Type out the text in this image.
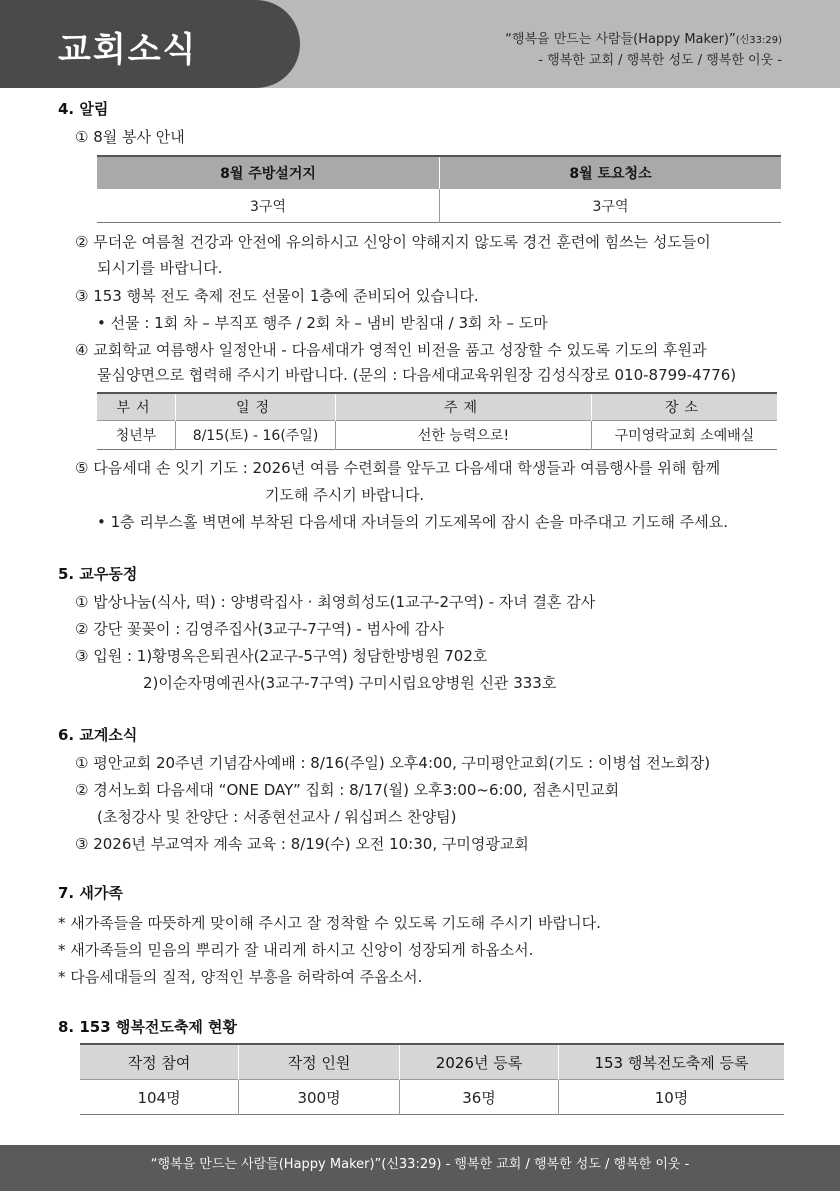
교회소식	“행복을 만드는 사람들(Happy Maker)”(신33:29)
- 행복한 교회 / 행복한 성도 / 행복한 이웃 -
4. 알림
① 8월 봉사 안내
8월 주방설거지	8월 토요청소
3구역	3구역
② 무더운 여름철 건강과 안전에 유의하시고 신앙이 약해지지 않도록 경건 훈련에 힘쓰는 성도들이
되시기를 바랍니다.
③ 153 행복 전도 축제 전도 선물이 1층에 준비되어 있습니다.
• 선물 : 1회 차 – 부직포 행주 / 2회 차 – 냄비 받침대 / 3회 차 – 도마
④ 교회학교 여름행사 일정안내 - 다음세대가 영적인 비전을 품고 성장할 수 있도록 기도의 후원과
물심양면으로 협력해 주시기 바랍니다. (문의 : 다음세대교육위원장 김성식장로 010-8799-4776)
부서	일정	주제	장소
청년부	8/15(토) - 16(주일)	선한 능력으로!	구미영락교회 소예배실
⑤ 다음세대 손 잇기 기도 : 2026년 여름 수련회를 앞두고 다음세대 학생들과 여름행사를 위해 함께
기도해 주시기 바랍니다.
• 1층 리부스홀 벽면에 부착된 다음세대 자녀들의 기도제목에 잠시 손을 마주대고 기도해 주세요.
5. 교우동정
① 밥상나눔(식사, 떡) : 양병락집사 · 최영희성도(1교구-2구역) - 자녀 결혼 감사
② 강단 꽃꽂이 : 김영주집사(3교구-7구역) - 범사에 감사
③ 입원 : 1)황명옥은퇴권사(2교구-5구역) 청담한방병원 702호
2)이순자명예권사(3교구-7구역) 구미시립요양병원 신관 333호
6. 교계소식
① 평안교회 20주년 기념감사예배 : 8/16(주일) 오후4:00, 구미평안교회(기도 : 이병섭 전노회장)
② 경서노회 다음세대 “ONE DAY” 집회 : 8/17(월) 오후3:00~6:00, 점촌시민교회
(초청강사 및 찬양단 : 서종현선교사 / 워십퍼스 찬양팀)
③ 2026년 부교역자 계속 교육 : 8/19(수) 오전 10:30, 구미영광교회
7. 새가족
* 새가족들을 따뜻하게 맞이해 주시고 잘 정착할 수 있도록 기도해 주시기 바랍니다.
* 새가족들의 믿음의 뿌리가 잘 내리게 하시고 신앙이 성장되게 하옵소서.
* 다음세대들의 질적, 양적인 부흥을 허락하여 주옵소서.
8. 153 행복전도축제 현황
작정 참여	작정 인원	2026년 등록	153 행복전도축제 등록
104명	300명	36명	10명
“행복을 만드는 사람들(Happy Maker)”(신33:29) - 행복한 교회 / 행복한 성도 / 행복한 이웃 -
